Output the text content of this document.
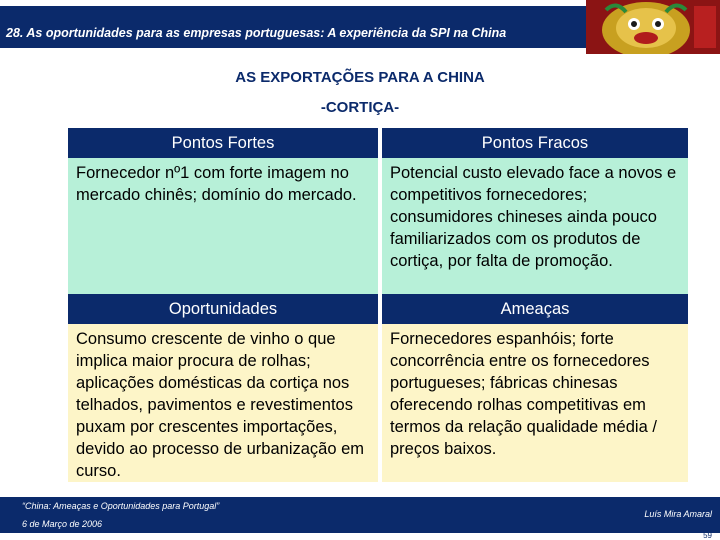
28. As oportunidades para as empresas portuguesas: A experiência da SPI na China
AS EXPORTAÇÕES PARA A CHINA
-CORTIÇA-
Pontos Fortes	Pontos Fracos
Fornecedor nº1 com forte imagem no mercado chinês; domínio do mercado.	Potencial custo elevado face a novos e competitivos fornecedores; consumidores chineses ainda pouco familiarizados com os produtos de cortiça, por falta de promoção.
Oportunidades	Ameaças
Consumo crescente de vinho o que implica maior procura de rolhas; aplicações domésticas da cortiça nos telhados, pavimentos e revestimentos puxam por crescentes importações, devido ao processo de urbanização em curso.	Fornecedores espanhóis; forte concorrência entre os fornecedores portugueses; fábricas chinesas oferecendo rolhas competitivas em termos da relação qualidade média / preços baixos.
“China: Ameaças e Oportunidades para Portugal”
6 de Março de 2006
Luís Mira Amaral
59
